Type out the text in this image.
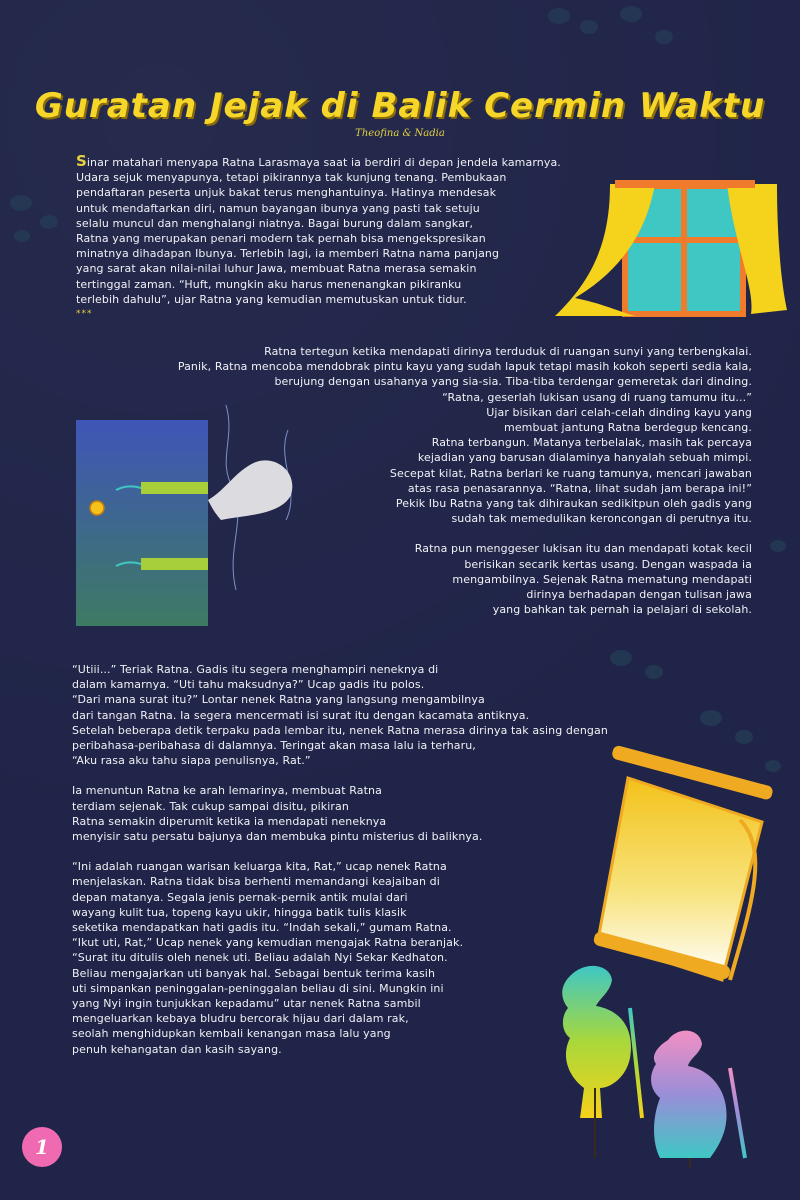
Guratan Jejak di Balik Cermin Waktu
Theofina & Nadia

Sinar matahari menyapa Ratna Larasmaya saat ia berdiri di depan jendela kamarnya.

Udara sejuk menyapunya, tetapi pikirannya tak kunjung tenang. Pembukaan

pendaftaran peserta unjuk bakat terus menghantuinya. Hatinya mendesak

untuk mendaftarkan diri, namun bayangan ibunya yang pasti tak setuju

selalu muncul dan menghalangi niatnya. Bagai burung dalam sangkar,

Ratna yang merupakan penari modern tak pernah bisa mengekspresikan

minatnya dihadapan Ibunya. Terlebih lagi, ia memberi Ratna nama panjang

yang sarat akan nilai-nilai luhur Jawa, membuat Ratna merasa semakin

tertinggal zaman. “Huft, mungkin aku harus menenangkan pikiranku

terlebih dahulu”, ujar Ratna yang kemudian memutuskan untuk tidur.

***

Ratna tertegun ketika mendapati dirinya terduduk di ruangan sunyi yang terbengkalai.

Panik, Ratna mencoba mendobrak pintu kayu yang sudah lapuk tetapi masih kokoh seperti sedia kala,

berujung dengan usahanya yang sia-sia. Tiba-tiba terdengar gemeretak dari dinding.

“Ratna, geserlah lukisan usang di ruang tamumu itu...”

Ujar bisikan dari celah-celah dinding kayu yang

membuat jantung Ratna berdegup kencang.

Ratna terbangun. Matanya terbelalak, masih tak percaya

kejadian yang barusan dialaminya hanyalah sebuah mimpi.

Secepat kilat, Ratna berlari ke ruang tamunya, mencari jawaban

atas rasa penasarannya. “Ratna, lihat sudah jam berapa ini!”

Pekik Ibu Ratna yang tak dihiraukan sedikitpun oleh gadis yang

sudah tak memedulikan keroncongan di perutnya itu.

Ratna pun menggeser lukisan itu dan mendapati kotak kecil

berisikan secarik kertas usang. Dengan waspada ia

mengambilnya. Sejenak Ratna mematung mendapati

dirinya berhadapan dengan tulisan jawa

yang bahkan tak pernah ia pelajari di sekolah.

“Utiii...” Teriak Ratna. Gadis itu segera menghampiri neneknya di

dalam kamarnya. “Uti tahu maksudnya?” Ucap gadis itu polos.

“Dari mana surat itu?” Lontar nenek Ratna yang langsung mengambilnya

dari tangan Ratna. Ia segera mencermati isi surat itu dengan kacamata antiknya.

Setelah beberapa detik terpaku pada lembar itu, nenek Ratna merasa dirinya tak asing dengan

peribahasa-peribahasa di dalamnya. Teringat akan masa lalu ia terharu,

“Aku rasa aku tahu siapa penulisnya, Rat.”

Ia menuntun Ratna ke arah lemarinya, membuat Ratna

terdiam sejenak. Tak cukup sampai disitu, pikiran

Ratna semakin diperumit ketika ia mendapati neneknya

menyisir satu persatu bajunya dan membuka pintu misterius di baliknya.

“Ini adalah ruangan warisan keluarga kita, Rat,” ucap nenek Ratna

menjelaskan. Ratna tidak bisa berhenti memandangi keajaiban di

depan matanya. Segala jenis pernak-pernik antik mulai dari

wayang kulit tua, topeng kayu ukir, hingga batik tulis klasik

seketika mendapatkan hati gadis itu. “Indah sekali,” gumam Ratna.

“Ikut uti, Rat,” Ucap nenek yang kemudian mengajak Ratna beranjak.

“Surat itu ditulis oleh nenek uti. Beliau adalah Nyi Sekar Kedhaton.

Beliau mengajarkan uti banyak hal. Sebagai bentuk terima kasih

uti simpankan peninggalan-peninggalan beliau di sini. Mungkin ini

yang Nyi ingin tunjukkan kepadamu” utar nenek Ratna sambil

mengeluarkan kebaya bludru bercorak hijau dari dalam rak,

seolah menghidupkan kembali kenangan masa lalu yang

penuh kehangatan dan kasih sayang.

1
